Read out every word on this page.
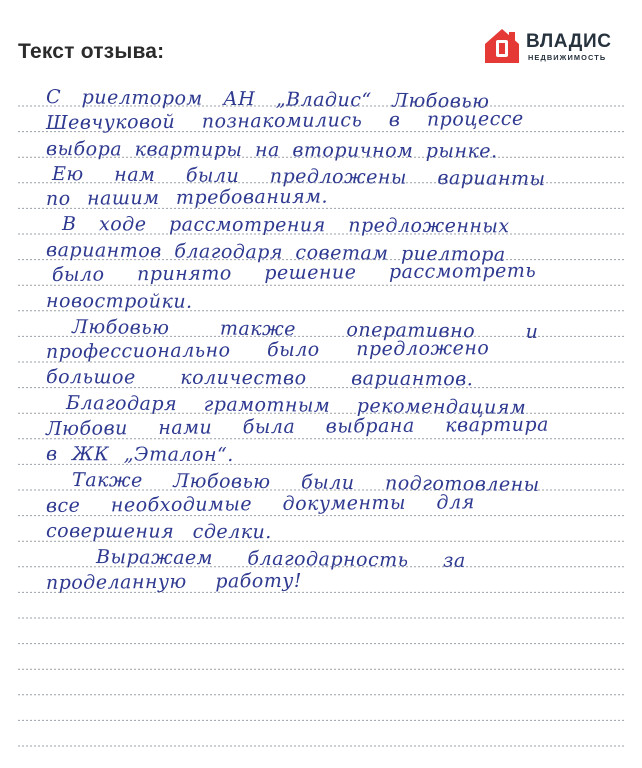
Текст отзыва:	ВЛАДИС
НЕДВИЖИМОСТЬ
С риелтором АН „Владис“ Любовью
Шевчуковой познакомились в процессе
выбора квартиры на вторичном рынке.
Ею нам были предложены варианты
по нашим требованиям.
В ходе рассмотрения предложенных
вариантов благодаря советам риелтора
было принято решение рассмотреть
новостройки.
Любовью также оперативно и
профессионально было предложено
большое количество вариантов.
Благодаря грамотным рекомендациям
Любови нами была выбрана квартира
в ЖК „Эталон“.
Также Любовью были подготовлены
все необходимые документы для
совершения сделки.
Выражаем благодарность за
проделанную работу!
